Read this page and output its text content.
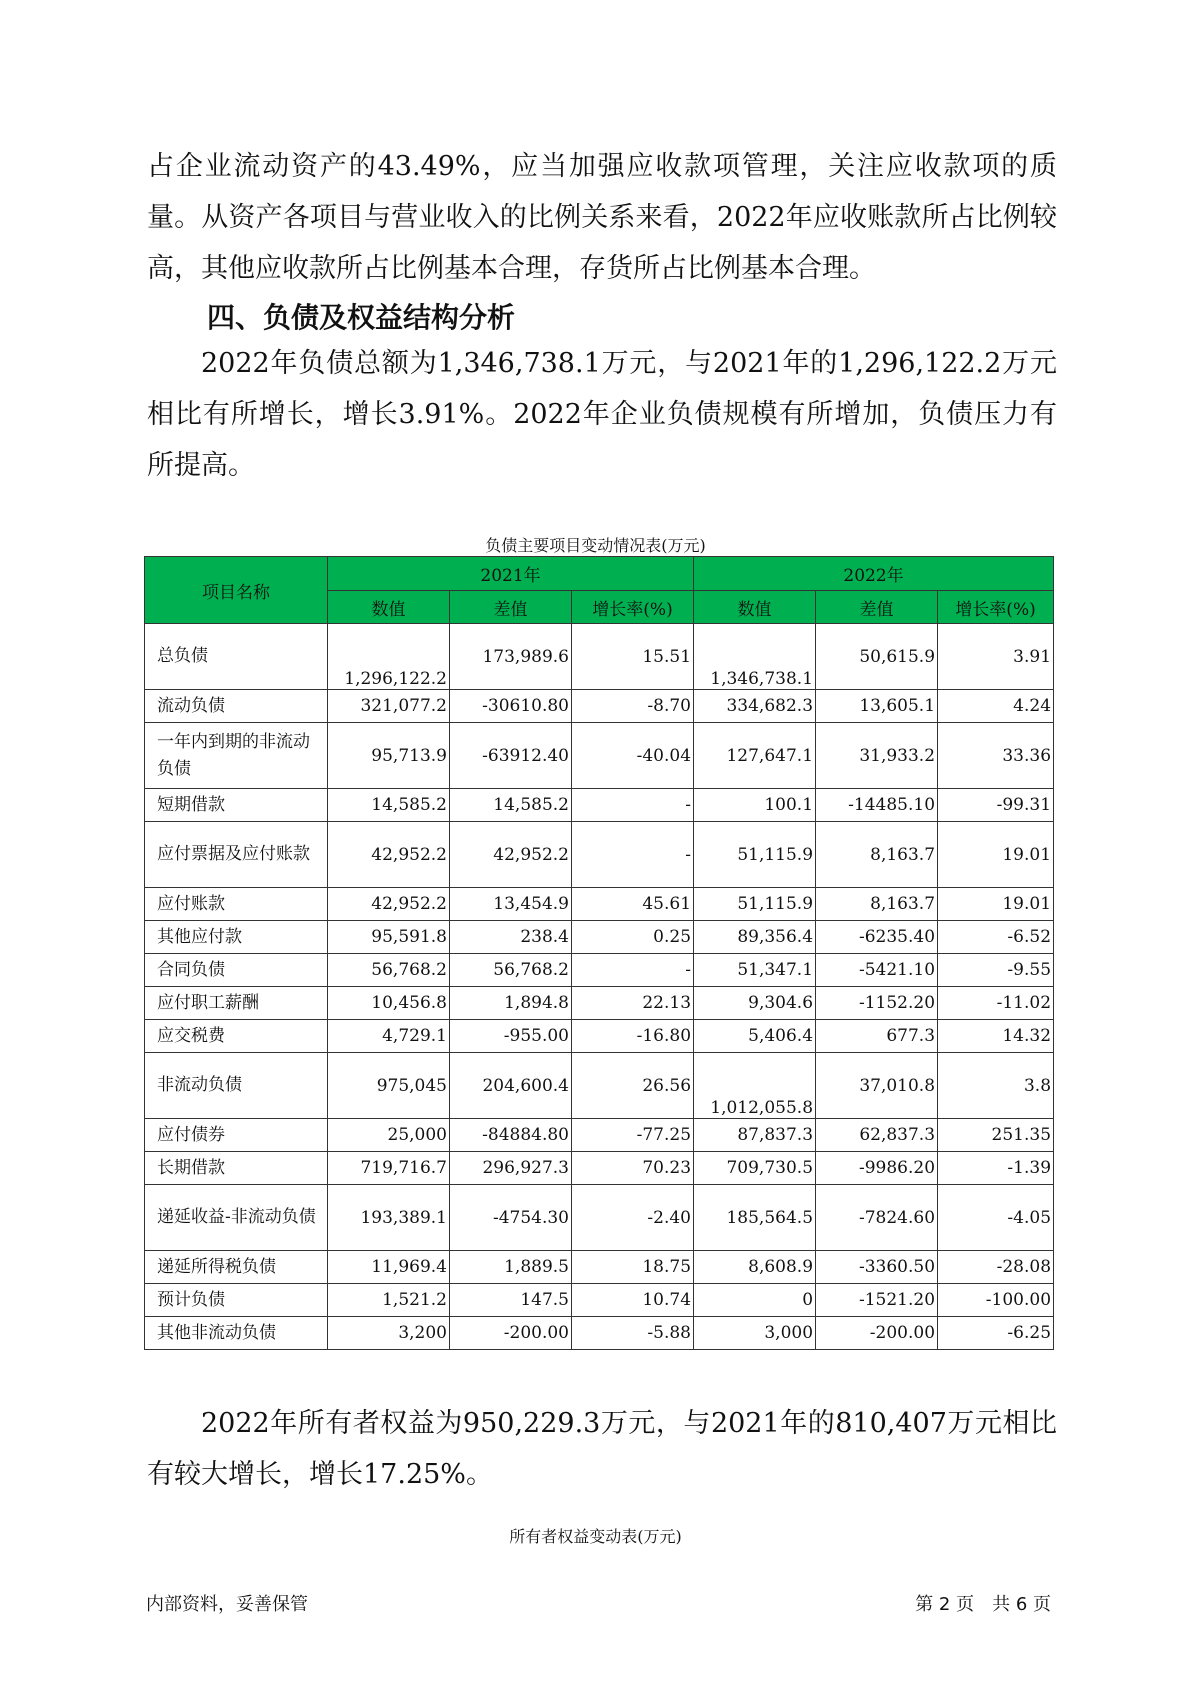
占企业流动资产的43.49%，应当加强应收款项管理，关注应收款项的质量。从资产各项目与营业收入的比例关系来看，2022年应收账款所占比例较高，其他应收款所占比例基本合理，存货所占比例基本合理。

四、负债及权益结构分析

2022年负债总额为1,346,738.1万元，与2021年的1,296,122.2万元相比有所增长，增长3.91%。2022年企业负债规模有所增加，负债压力有所提高。

负债主要项目变动情况表(万元)
项目名称	2021年			2022年		
	数值	差值	增长率(%)	数值	差值	增长率(%)
总负债	1,296,122.2	173,989.6	15.51	1,346,738.1	50,615.9	3.91
流动负债	321,077.2	-30610.80	-8.70	334,682.3	13,605.1	4.24
一年内到期的非流动负债	95,713.9	-63912.40	-40.04	127,647.1	31,933.2	33.36
短期借款	14,585.2	14,585.2	-	100.1	-14485.10	-99.31
应付票据及应付账款	42,952.2	42,952.2	-	51,115.9	8,163.7	19.01
应付账款	42,952.2	13,454.9	45.61	51,115.9	8,163.7	19.01
其他应付款	95,591.8	238.4	0.25	89,356.4	-6235.40	-6.52
合同负债	56,768.2	56,768.2	-	51,347.1	-5421.10	-9.55
应付职工薪酬	10,456.8	1,894.8	22.13	9,304.6	-1152.20	-11.02
应交税费	4,729.1	-955.00	-16.80	5,406.4	677.3	14.32
非流动负债	975,045	204,600.4	26.56	1,012,055.8	37,010.8	3.8
应付债券	25,000	-84884.80	-77.25	87,837.3	62,837.3	251.35
长期借款	719,716.7	296,927.3	70.23	709,730.5	-9986.20	-1.39
递延收益-非流动负债	193,389.1	-4754.30	-2.40	185,564.5	-7824.60	-4.05
递延所得税负债	11,969.4	1,889.5	18.75	8,608.9	-3360.50	-28.08
预计负债	1,521.2	147.5	10.74	0	-1521.20	-100.00
其他非流动负债	3,200	-200.00	-5.88	3,000	-200.00	-6.25

2022年所有者权益为950,229.3万元，与2021年的810,407万元相比有较大增长，增长17.25%。

所有者权益变动表(万元)
内部资料，妥善保管	第 2 页　共 6 页
